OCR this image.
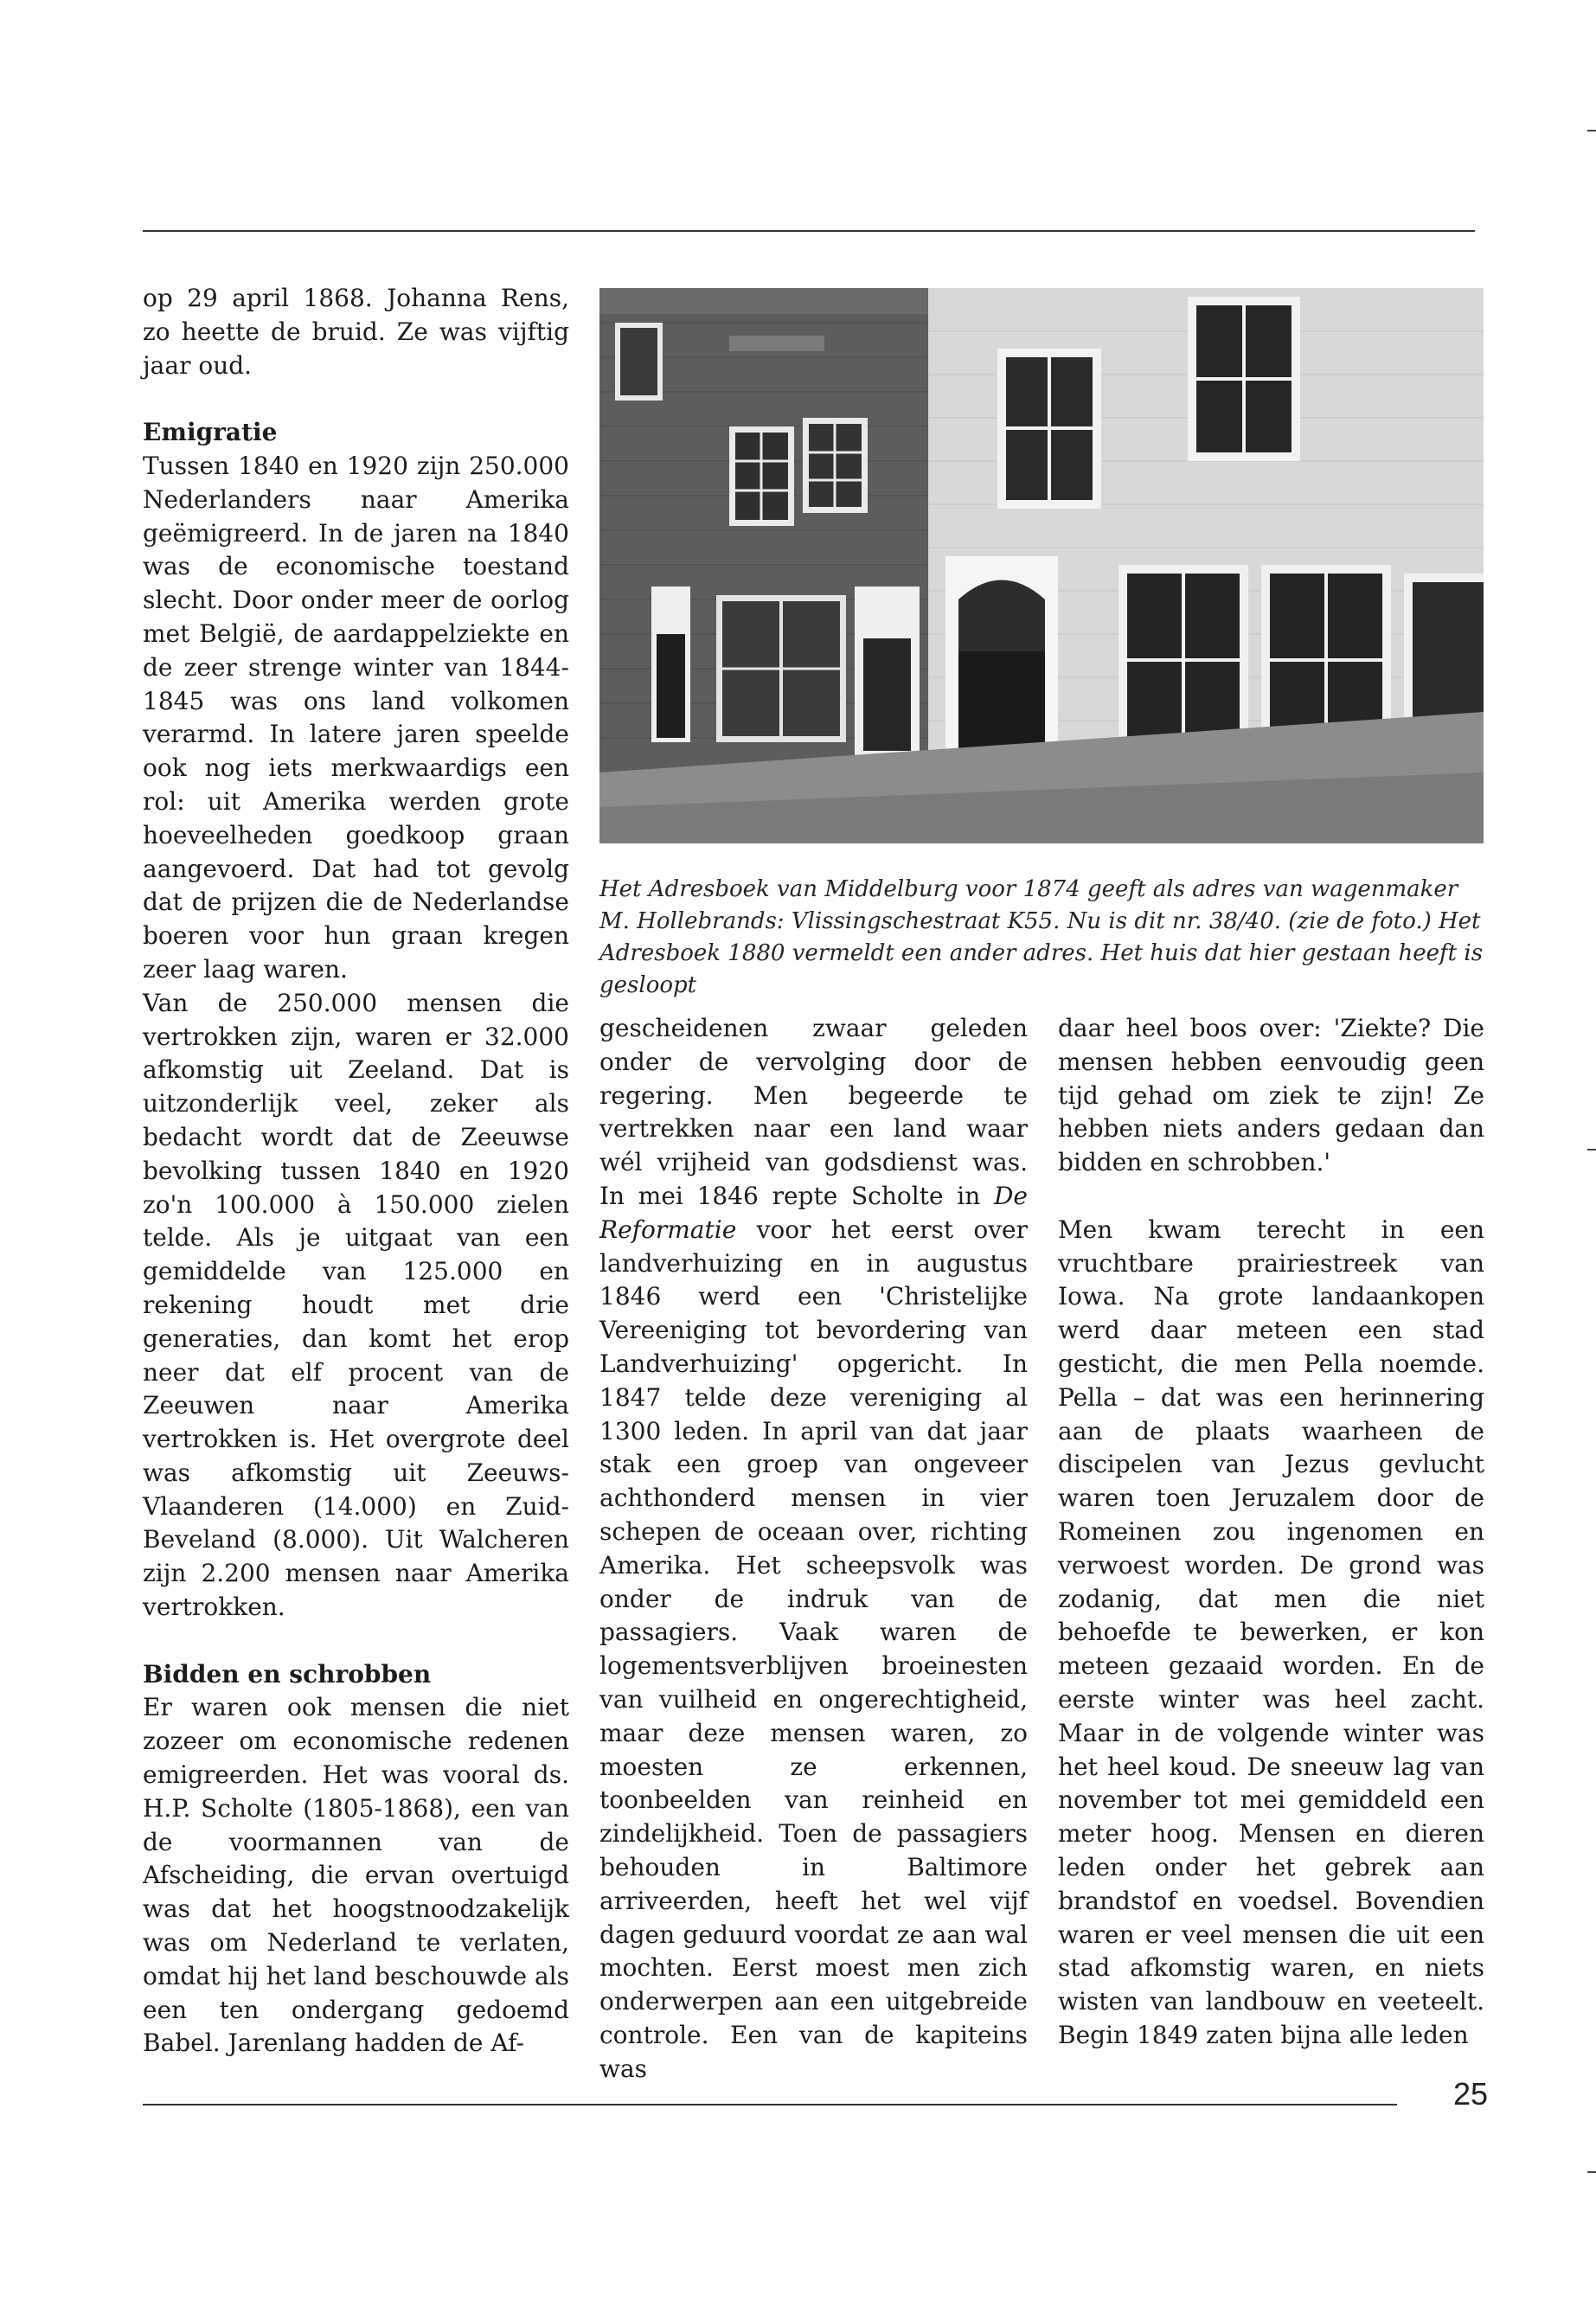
op 29 april 1868. Johanna Rens, zo heette de bruid. Ze was vijftig jaar oud.

Emigratie

Tussen 1840 en 1920 zijn 250.000 Nederlanders naar Amerika geëmigreerd. In de jaren na 1840 was de economische toestand slecht. Door onder meer de oorlog met België, de aardappelziekte en de zeer strenge winter van 1844-1845 was ons land volkomen verarmd. In latere jaren speelde ook nog iets merkwaardigs een rol: uit Amerika werden grote hoeveelheden goedkoop graan aangevoerd. Dat had tot gevolg dat de prijzen die de Nederlandse boeren voor hun graan kregen zeer laag waren.

Van de 250.000 mensen die vertrokken zijn, waren er 32.000 afkomstig uit Zeeland. Dat is uitzonderlijk veel, zeker als bedacht wordt dat de Zeeuwse bevolking tussen 1840 en 1920 zo'n 100.000 à 150.000 zielen telde. Als je uitgaat van een gemiddelde van 125.000 en rekening houdt met drie generaties, dan komt het erop neer dat elf procent van de Zeeuwen naar Amerika vertrokken is. Het overgrote deel was afkomstig uit Zeeuws-Vlaanderen (14.000) en Zuid-Beveland (8.000). Uit Walcheren zijn 2.200 mensen naar Amerika vertrokken.

Bidden en schrobben

Er waren ook mensen die niet zozeer om economische redenen emigreerden. Het was vooral ds. H.P. Scholte (1805-1868), een van de voormannen van de Afscheiding, die ervan overtuigd was dat het hoogstnoodzakelijk was om Nederland te verlaten, omdat hij het land beschouwde als een ten ondergang gedoemd Babel. Jarenlang hadden de Af-

Het Adresboek van Middelburg voor 1874 geeft als adres van wagenmaker M. Hollebrands: Vlissingschestraat K55. Nu is dit nr. 38/40. (zie de foto.) Het Adresboek 1880 vermeldt een ander adres. Het huis dat hier gestaan heeft is gesloopt

gescheidenen zwaar geleden onder de vervolging door de regering. Men begeerde te vertrekken naar een land waar wél vrijheid van godsdienst was. In mei 1846 repte Scholte in De Reformatie voor het eerst over landverhuizing en in augustus 1846 werd een 'Christelijke Vereeniging tot bevordering van Landverhuizing' opgericht. In 1847 telde deze vereniging al 1300 leden. In april van dat jaar stak een groep van ongeveer achthonderd mensen in vier schepen de oceaan over, richting Amerika. Het scheepsvolk was onder de indruk van de passagiers. Vaak waren de logementsverblijven broeinesten van vuilheid en ongerechtigheid, maar deze mensen waren, zo moesten ze erkennen, toonbeelden van reinheid en zindelijkheid. Toen de passagiers behouden in Baltimore arriveerden, heeft het wel vijf dagen geduurd voordat ze aan wal mochten. Eerst moest men zich onderwerpen aan een uitgebreide controle. Een van de kapiteins was

daar heel boos over: 'Ziekte? Die mensen hebben eenvoudig geen tijd gehad om ziek te zijn! Ze hebben niets anders gedaan dan bidden en schrobben.'

Men kwam terecht in een vruchtbare prairiestreek van Iowa. Na grote landaankopen werd daar meteen een stad gesticht, die men Pella noemde. Pella – dat was een herinnering aan de plaats waarheen de discipelen van Jezus gevlucht waren toen Jeruzalem door de Romeinen zou ingenomen en verwoest worden. De grond was zodanig, dat men die niet behoefde te bewerken, er kon meteen gezaaid worden. En de eerste winter was heel zacht. Maar in de volgende winter was het heel koud. De sneeuw lag van november tot mei gemiddeld een meter hoog. Mensen en dieren leden onder het gebrek aan brandstof en voedsel. Bovendien waren er veel mensen die uit een stad afkomstig waren, en niets wisten van landbouw en veeteelt. Begin 1849 zaten bijna alle leden

25
